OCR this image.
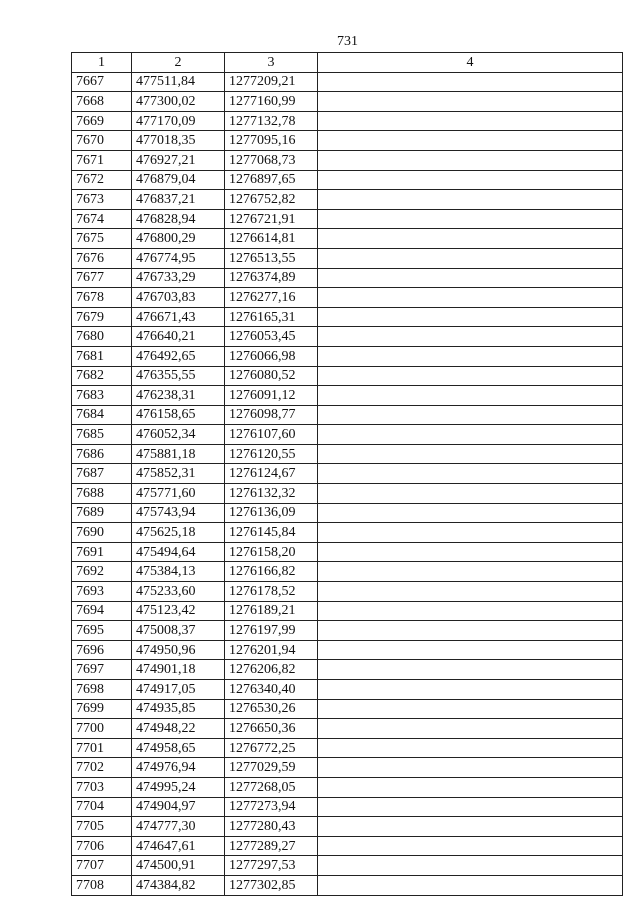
731
1	2	3	4
7667	477511,84	1277209,21	
7668	477300,02	1277160,99	
7669	477170,09	1277132,78	
7670	477018,35	1277095,16	
7671	476927,21	1277068,73	
7672	476879,04	1276897,65	
7673	476837,21	1276752,82	
7674	476828,94	1276721,91	
7675	476800,29	1276614,81	
7676	476774,95	1276513,55	
7677	476733,29	1276374,89	
7678	476703,83	1276277,16	
7679	476671,43	1276165,31	
7680	476640,21	1276053,45	
7681	476492,65	1276066,98	
7682	476355,55	1276080,52	
7683	476238,31	1276091,12	
7684	476158,65	1276098,77	
7685	476052,34	1276107,60	
7686	475881,18	1276120,55	
7687	475852,31	1276124,67	
7688	475771,60	1276132,32	
7689	475743,94	1276136,09	
7690	475625,18	1276145,84	
7691	475494,64	1276158,20	
7692	475384,13	1276166,82	
7693	475233,60	1276178,52	
7694	475123,42	1276189,21	
7695	475008,37	1276197,99	
7696	474950,96	1276201,94	
7697	474901,18	1276206,82	
7698	474917,05	1276340,40	
7699	474935,85	1276530,26	
7700	474948,22	1276650,36	
7701	474958,65	1276772,25	
7702	474976,94	1277029,59	
7703	474995,24	1277268,05	
7704	474904,97	1277273,94	
7705	474777,30	1277280,43	
7706	474647,61	1277289,27	
7707	474500,91	1277297,53	
7708	474384,82	1277302,85	
